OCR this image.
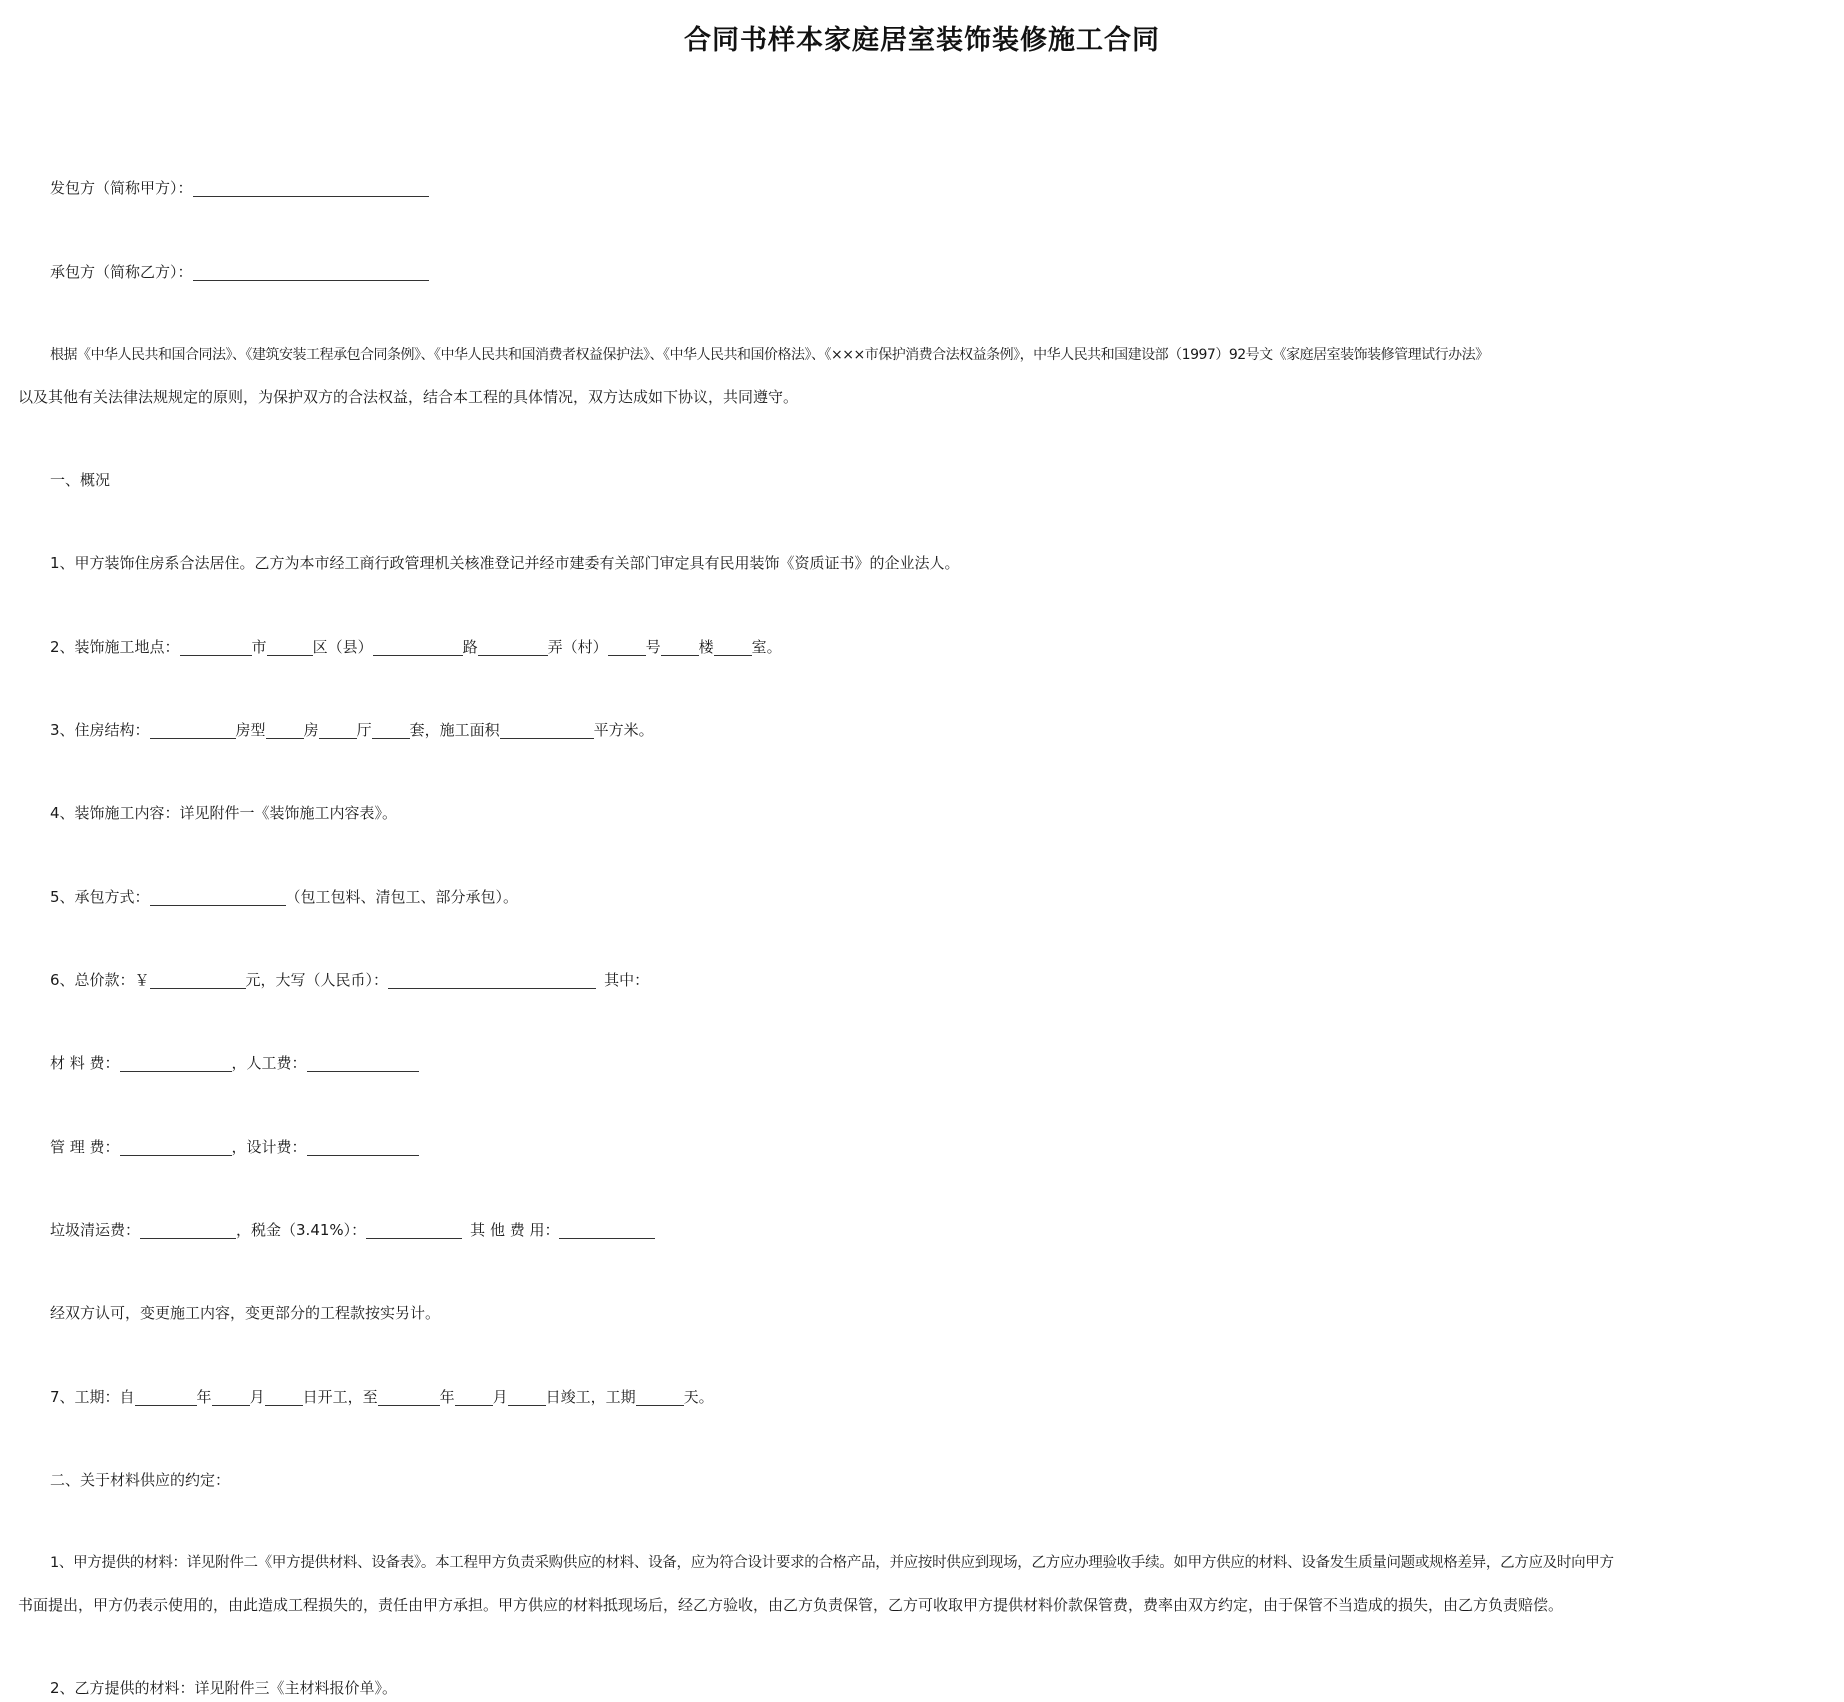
合同书样本家庭居室装饰装修施工合同
发包方（简称甲方）：
承包方（简称乙方）：
根据《中华人民共和国合同法》、《建筑安装工程承包合同条例》、《中华人民共和国消费者权益保护法》、《中华人民共和国价格法》、《×××市保护消费合法权益条例》，中华人民共和国建设部（1997）92号文《家庭居室装饰装修管理试行办法》
以及其他有关法律法规规定的原则，为保护双方的合法权益，结合本工程的具体情况，双方达成如下协议，共同遵守。
一、概况
1、甲方装饰住房系合法居住。乙方为本市经工商行政管理机关核准登记并经市建委有关部门审定具有民用装饰《资质证书》的企业法人。
2、装饰施工地点：	市	区（县）	路	弄（村）	号	楼	室。
3、住房结构：	房型	房	厅	套，施工面积	平方米。
4、装饰施工内容：详见附件一《装饰施工内容表》。
5、承包方式：	（包工包料、清包工、部分承包）。
6、总价款：￥	元，大写（人民币）：	其中：
材 料 费：	，人工费：
管 理 费：	，设计费：
垃圾清运费：	，税金（3.41%）：	其 他 费 用：
经双方认可，变更施工内容，变更部分的工程款按实另计。
7、工期：自	年	月	日开工，至	年	月	日竣工，工期	天。
二、关于材料供应的约定：
1、甲方提供的材料：详见附件二《甲方提供材料、设备表》。本工程甲方负责采购供应的材料、设备，应为符合设计要求的合格产品，并应按时供应到现场，乙方应办理验收手续。如甲方供应的材料、设备发生质量问题或规格差异，乙方应及时向甲方
书面提出，甲方仍表示使用的，由此造成工程损失的，责任由甲方承担。甲方供应的材料抵现场后，经乙方验收，由乙方负责保管，乙方可收取甲方提供材料价款保管费，费率由双方约定，由于保管不当造成的损失，由乙方负责赔偿。
2、乙方提供的材料：详见附件三《主材料报价单》。
